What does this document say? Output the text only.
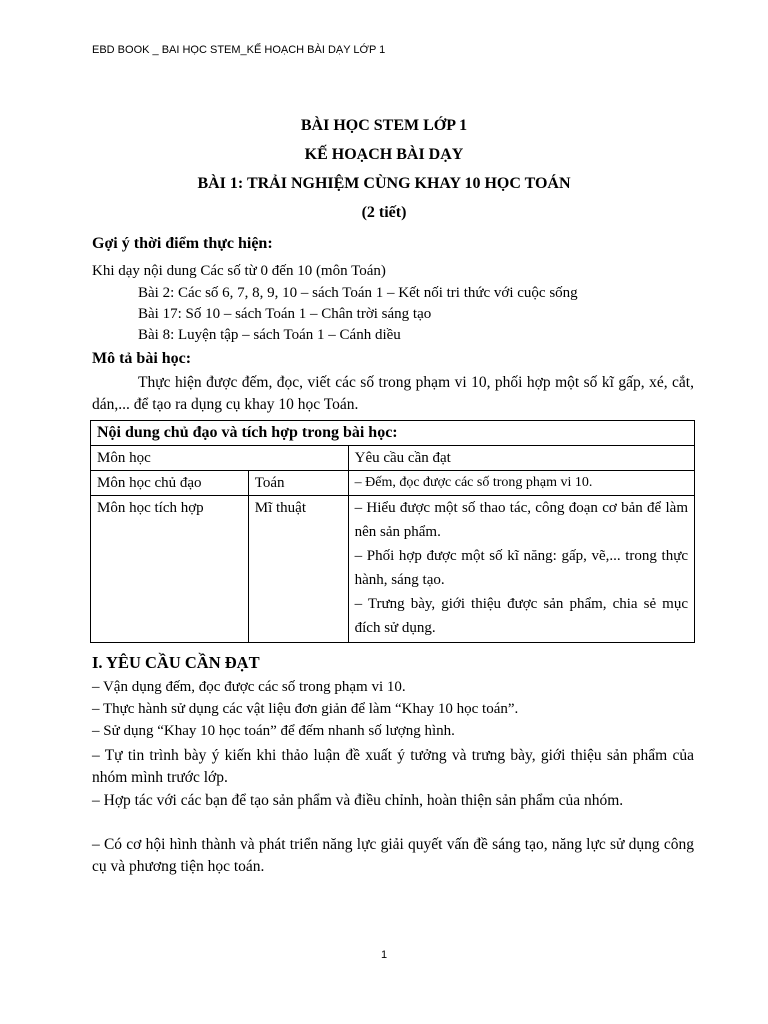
EBD BOOK _ BAI HỌC STEM_KẾ HOẠCH BÀI DẠY LỚP 1
BÀI HỌC STEM LỚP 1
KẾ HOẠCH BÀI DẠY
BÀI 1: TRẢI NGHIỆM CÙNG KHAY 10 HỌC TOÁN
(2 tiết)
Gợi ý thời điểm thực hiện:
Khi dạy nội dung Các số từ 0 đến 10 (môn Toán)
Bài 2: Các số 6, 7, 8, 9, 10 – sách Toán 1 – Kết nối tri thức với cuộc sống
Bài 17: Số 10 – sách Toán 1 – Chân trời sáng tạo
Bài 8: Luyện tập – sách Toán 1 – Cánh diều
Mô tả bài học:
Thực hiện được đếm, đọc, viết các số trong phạm vi 10, phối hợp một số kĩ gấp, xé, cắt, dán,... để tạo ra dụng cụ khay 10 học Toán.
Nội dung chủ đạo và tích hợp trong bài học:		
Môn học		Yêu cầu cần đạt
Môn học chủ đạo	Toán	– Đếm, đọc được các số trong phạm vi 10.
Môn học tích hợp	Mĩ thuật	– Hiểu được một số thao tác, công đoạn cơ bản để làm nên sản phẩm.
– Phối hợp được một số kĩ năng: gấp, vẽ,... trong thực hành, sáng tạo.
– Trưng bày, giới thiệu được sản phẩm, chia sẻ mục đích sử dụng.
I. YÊU CẦU CẦN ĐẠT
– Vận dụng đếm, đọc được các số trong phạm vi 10.
– Thực hành sử dụng các vật liệu đơn giản để làm “Khay 10 học toán”.
– Sử dụng “Khay 10 học toán” để đếm nhanh số lượng hình.
– Tự tin trình bày ý kiến khi thảo luận đề xuất ý tưởng và trưng bày, giới thiệu sản phẩm của nhóm mình trước lớp.
– Hợp tác với các bạn để tạo sản phẩm và điều chỉnh, hoàn thiện sản phẩm của nhóm.
– Có cơ hội hình thành và phát triển năng lực giải quyết vấn đề sáng tạo, năng lực sử dụng công cụ và phương tiện học toán.
1
